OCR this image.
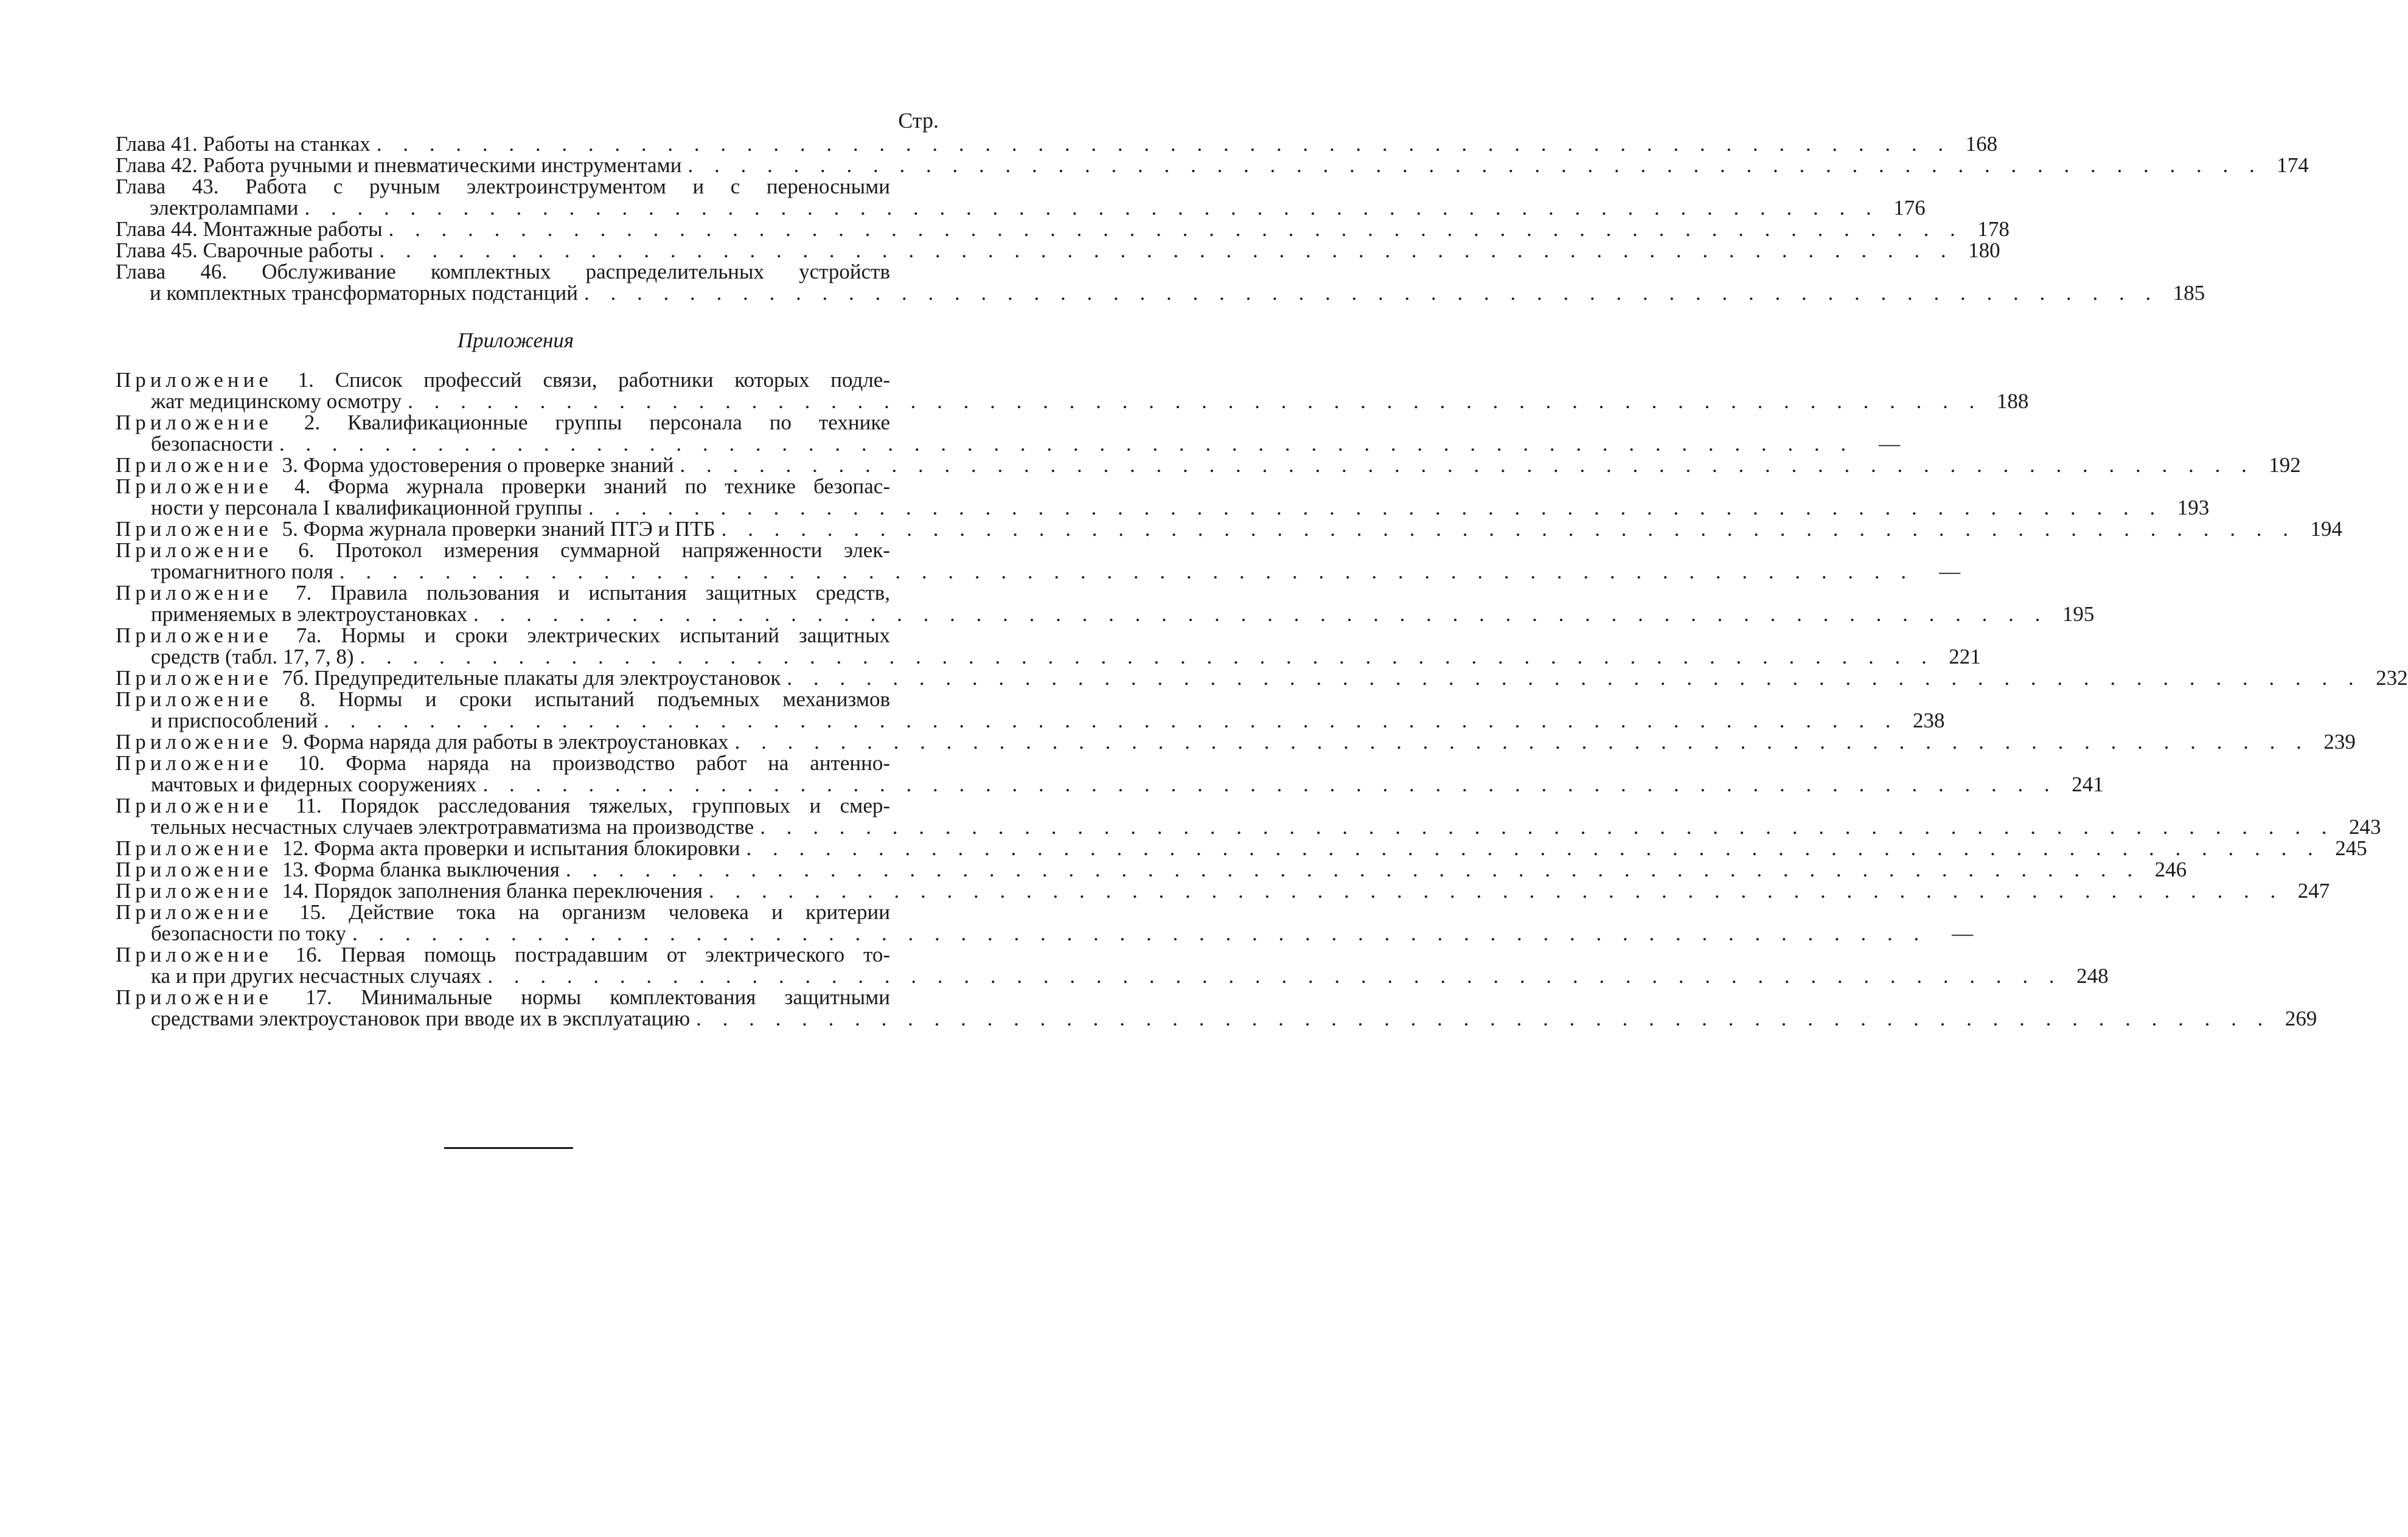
Стр.
Глава 41. Работы на станках . . . . . . . . . . . . . . . . . . . . . . . . . . . . . . . . . . . . . . . . . . . . . . . . . . . . . . . . . . . . 168
Глава 42. Работа ручными и пневматическими инструментами . . . . . . . . . . . . . . . . . . . . . . . . . . . . . . . . . . . . . . . . . . . . . . . . . . . . . . . . . . . . 174
Глава 43. Работа с ручным электроинструментом и с переносными
электролампами . . . . . . . . . . . . . . . . . . . . . . . . . . . . . . . . . . . . . . . . . . . . . . . . . . . . . . . . . . . . 176
Глава 44. Монтажные работы . . . . . . . . . . . . . . . . . . . . . . . . . . . . . . . . . . . . . . . . . . . . . . . . . . . . . . . . . . . . 178
Глава 45. Сварочные работы . . . . . . . . . . . . . . . . . . . . . . . . . . . . . . . . . . . . . . . . . . . . . . . . . . . . . . . . . . . . 180
Глава 46. Обслуживание комплектных распределительных устройств
и комплектных трансформаторных подстанций . . . . . . . . . . . . . . . . . . . . . . . . . . . . . . . . . . . . . . . . . . . . . . . . . . . . . . . . . . . . 185
Приложения
Приложение 1. Список профессий связи, работники которых подле-
жат медицинскому осмотру . . . . . . . . . . . . . . . . . . . . . . . . . . . . . . . . . . . . . . . . . . . . . . . . . . . . . . . . . . . . 188
Приложение 2. Квалификационные группы персонала по технике
безопасности . . . . . . . . . . . . . . . . . . . . . . . . . . . . . . . . . . . . . . . . . . . . . . . . . . . . . . . . . . . .	—
Приложение 3. Форма удостоверения о проверке знаний . . . . . . . . . . . . . . . . . . . . . . . . . . . . . . . . . . . . . . . . . . . . . . . . . . . . . . . . . . . . 192
Приложение 4. Форма журнала проверки знаний по технике безопас-
ности у персонала I квалификационной группы . . . . . . . . . . . . . . . . . . . . . . . . . . . . . . . . . . . . . . . . . . . . . . . . . . . . . . . . . . . . 193
Приложение 5. Форма журнала проверки знаний ПТЭ и ПТБ . . . . . . . . . . . . . . . . . . . . . . . . . . . . . . . . . . . . . . . . . . . . . . . . . . . . . . . . . . . . 194
Приложение 6. Протокол измерения суммарной напряженности элек-
тромагнитного поля . . . . . . . . . . . . . . . . . . . . . . . . . . . . . . . . . . . . . . . . . . . . . . . . . . . . . . . . . . . .	—
Приложение 7. Правила пользования и испытания защитных средств,
применяемых в электроустановках . . . . . . . . . . . . . . . . . . . . . . . . . . . . . . . . . . . . . . . . . . . . . . . . . . . . . . . . . . . . 195
Приложение 7а. Нормы и сроки электрических испытаний защитных
средств (табл. 17, 7, 8) . . . . . . . . . . . . . . . . . . . . . . . . . . . . . . . . . . . . . . . . . . . . . . . . . . . . . . . . . . . . 221
Приложение 7б. Предупредительные плакаты для электроустановок . . . . . . . . . . . . . . . . . . . . . . . . . . . . . . . . . . . . . . . . . . . . . . . . . . . . . . . . . . . . 232
Приложение 8. Нормы и сроки испытаний подъемных механизмов
и приспособлений . . . . . . . . . . . . . . . . . . . . . . . . . . . . . . . . . . . . . . . . . . . . . . . . . . . . . . . . . . . . 238
Приложение 9. Форма наряда для работы в электроустановках . . . . . . . . . . . . . . . . . . . . . . . . . . . . . . . . . . . . . . . . . . . . . . . . . . . . . . . . . . . . 239
Приложение 10. Форма наряда на производство работ на антенно-
мачтовых и фидерных сооружениях . . . . . . . . . . . . . . . . . . . . . . . . . . . . . . . . . . . . . . . . . . . . . . . . . . . . . . . . . . . . 241
Приложение 11. Порядок расследования тяжелых, групповых и смер-
тельных несчастных случаев электротравматизма на производстве . . . . . . . . . . . . . . . . . . . . . . . . . . . . . . . . . . . . . . . . . . . . . . . . . . . . . . . . . . . . 243
Приложение 12. Форма акта проверки и испытания блокировки . . . . . . . . . . . . . . . . . . . . . . . . . . . . . . . . . . . . . . . . . . . . . . . . . . . . . . . . . . . . 245
Приложение 13. Форма бланка выключения . . . . . . . . . . . . . . . . . . . . . . . . . . . . . . . . . . . . . . . . . . . . . . . . . . . . . . . . . . . . 246
Приложение 14. Порядок заполнения бланка переключения . . . . . . . . . . . . . . . . . . . . . . . . . . . . . . . . . . . . . . . . . . . . . . . . . . . . . . . . . . . . 247
Приложение 15. Действие тока на организм человека и критерии
безопасности по току . . . . . . . . . . . . . . . . . . . . . . . . . . . . . . . . . . . . . . . . . . . . . . . . . . . . . . . . . . . .	—
Приложение 16. Первая помощь пострадавшим от электрического то-
ка и при других несчастных случаях . . . . . . . . . . . . . . . . . . . . . . . . . . . . . . . . . . . . . . . . . . . . . . . . . . . . . . . . . . . . 248
Приложение 17. Минимальные нормы комплектования защитными
средствами электроустановок при вводе их в эксплуатацию . . . . . . . . . . . . . . . . . . . . . . . . . . . . . . . . . . . . . . . . . . . . . . . . . . . . . . . . . . . . 269
